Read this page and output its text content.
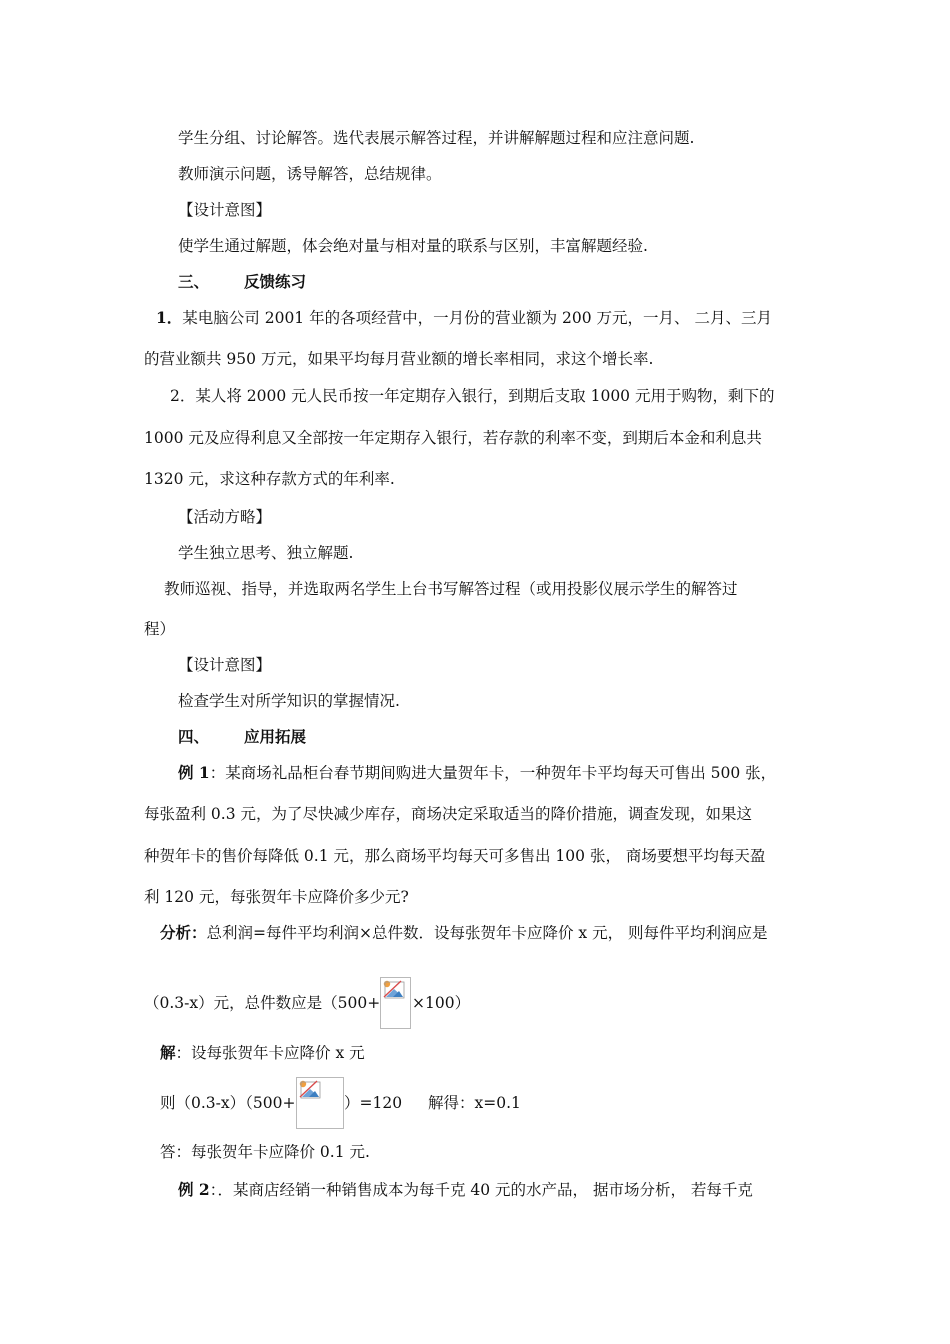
学生分组、讨论解答。选代表展示解答过程，并讲解解题过程和应注意问题.
教师演示问题，诱导解答，总结规律。
【设计意图】
使学生通过解题，体会绝对量与相对量的联系与区别，丰富解题经验.
三、 反馈练习
1．某电脑公司 2001 年的各项经营中，一月份的营业额为 200 万元，一月、 二月、三月
的营业额共 950 万元，如果平均每月营业额的增长率相同，求这个增长率.
2．某人将 2000 元人民币按一年定期存入银行，到期后支取 1000 元用于购物，剩下的
1000 元及应得利息又全部按一年定期存入银行，若存款的利率不变，到期后本金和利息共
1320 元，求这种存款方式的年利率.
【活动方略】
学生独立思考、独立解题.
教师巡视、指导，并选取两名学生上台书写解答过程（或用投影仪展示学生的解答过
程）
【设计意图】
检查学生对所学知识的掌握情况.
四、 应用拓展
例 1：某商场礼品柜台春节期间购进大量贺年卡，一种贺年卡平均每天可售出 500 张，
每张盈利 0.3 元，为了尽快减少库存，商场决定采取适当的降价措施，调查发现，如果这
种贺年卡的售价每降低 0.1 元，那么商场平均每天可多售出 100 张， 商场要想平均每天盈
利 120 元，每张贺年卡应降价多少元?
分析：总利润=每件平均利润×总件数．设每张贺年卡应降价 x 元， 则每件平均利润应是
（0.3-x）元，总件数应是（500+ ×100）
解：设每张贺年卡应降价 x 元
则（0.3-x）（500+	）=120 解得：x=0.1
答：每张贺年卡应降价 0.1 元.
例 2：．某商店经销一种销售成本为每千克 40 元的水产品， 据市场分析， 若每千克
